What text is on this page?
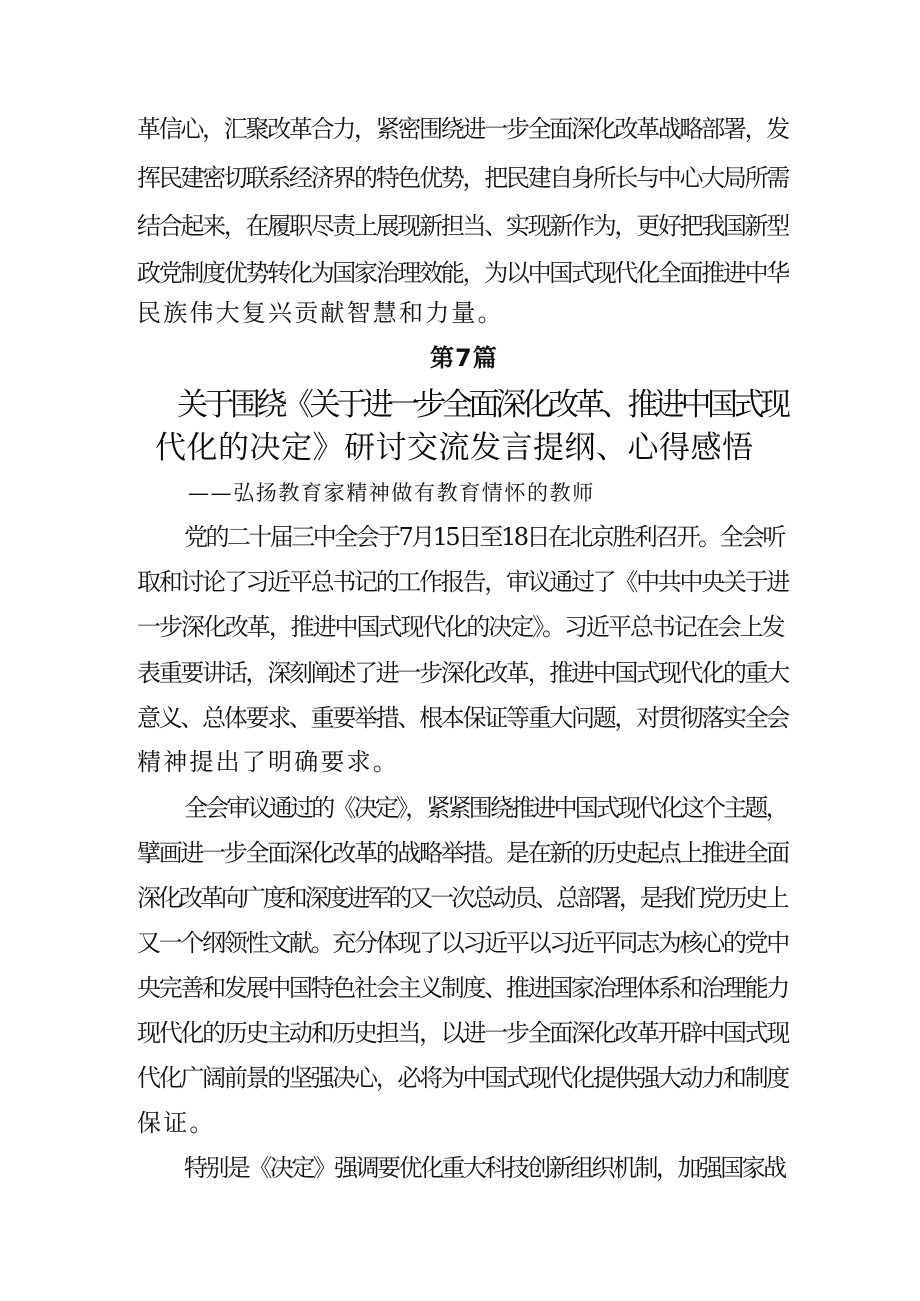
革信心，汇聚改革合力，紧密围绕进一步全面深化改革战略部署，发
挥民建密切联系经济界的特色优势，把民建自身所长与中心大局所需
结合起来，在履职尽责上展现新担当、实现新作为，更好把我国新型
政党制度优势转化为国家治理效能，为以中国式现代化全面推进中华
民族伟大复兴贡献智慧和力量。
第7篇
关于围绕《关于进一步全面深化改革、推进中国式现
代化的决定》研讨交流发言提纲、心得感悟
——弘扬教育家精神做有教育情怀的教师
党的二十届三中全会于7月15日至18日在北京胜利召开。全会听
取和讨论了习近平总书记的工作报告，审议通过了《中共中央关于进
一步深化改革，推进中国式现代化的决定》。习近平总书记在会上发
表重要讲话，深刻阐述了进一步深化改革，推进中国式现代化的重大
意义、总体要求、重要举措、根本保证等重大问题，对贯彻落实全会
精神提出了明确要求。
全会审议通过的《决定》，紧紧围绕推进中国式现代化这个主题，
擘画进一步全面深化改革的战略举措。是在新的历史起点上推进全面
深化改革向广度和深度进军的又一次总动员、总部署，是我们党历史上
又一个纲领性文献。充分体现了以习近平以习近平同志为核心的党中
央完善和发展中国特色社会主义制度、推进国家治理体系和治理能力
现代化的历史主动和历史担当，以进一步全面深化改革开辟中国式现
代化广阔前景的坚强决心，必将为中国式现代化提供强大动力和制度
保证。
特别是《决定》强调要优化重大科技创新组织机制，加强国家战
